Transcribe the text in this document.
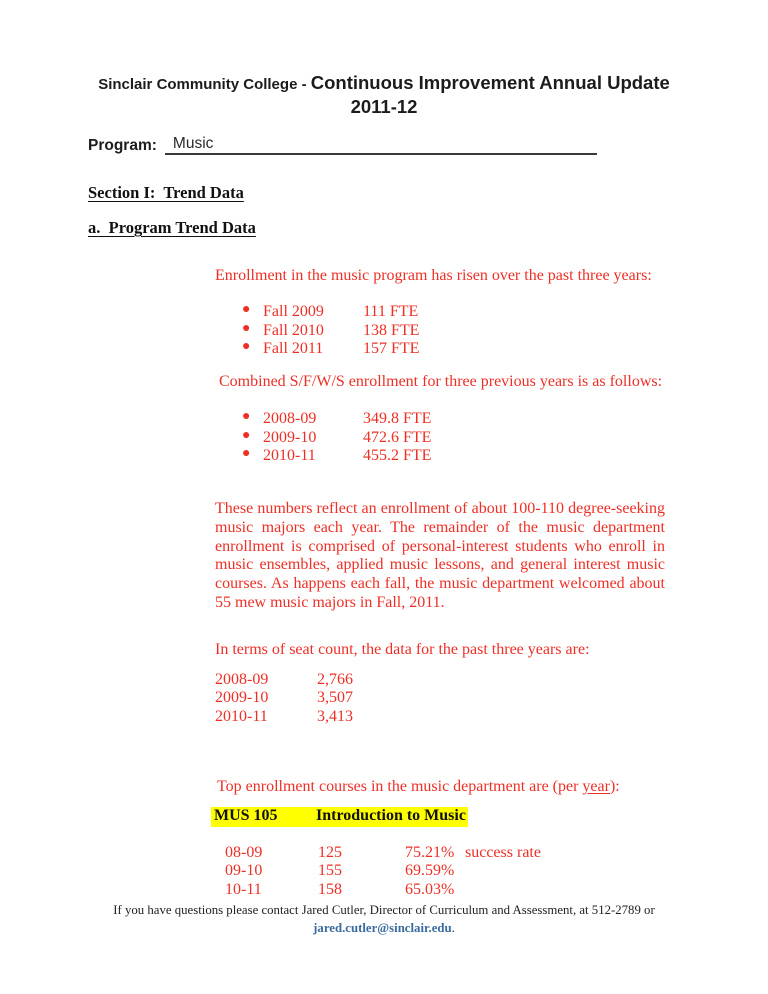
Sinclair Community College - Continuous Improvement Annual Update
2011-12
Program:	Music
Section I:  Trend Data
a.  Program Trend Data
Enrollment in the music program has risen over the past three years:
● Fall 2009 111 FTE
● Fall 2010 138 FTE
● Fall 2011 157 FTE
Combined S/F/W/S enrollment for three previous years is as follows:
● 2008-09	349.8 FTE
● 2009-10	472.6 FTE
● 2010-11	455.2 FTE
These numbers reflect an enrollment of about 100-110 degree-seeking music majors each year. The remainder of the music department enrollment is comprised of personal-interest students who enroll in music ensembles, applied music lessons, and general interest music courses. As happens each fall, the music department welcomed about 55 mew music majors in Fall, 2011.
In terms of seat count, the data for the past three years are:
2008-09	2,766
2009-10	3,507
2010-11	3,413
Top enrollment courses in the music department are (per year):
MUS 105 Introduction to Music
08-09	125	75.21% success rate
09-10	155	69.59%
10-11	158	65.03%
If you have questions please contact Jared Cutler, Director of Curriculum and Assessment, at 512-2789 or
jared.cutler@sinclair.edu.
